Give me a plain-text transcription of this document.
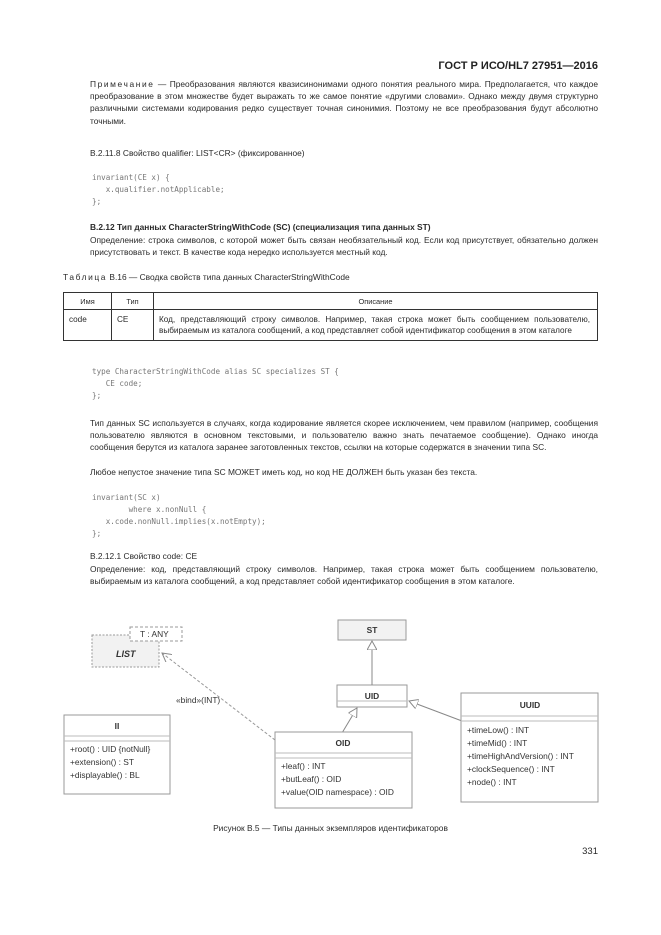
ГОСТ Р ИСО/HL7 27951—2016
Примечание — Преобразования являются квазисинонимами одного понятия реального мира. Предполагается, что каждое преобразование в этом множестве будет выражать то же самое понятие «другими словами». Однако между двумя структурно различными системами кодирования редко существует точная синонимия. Поэтому не все преобразования будут абсолютно точными.
B.2.11.8 Свойство qualifier: LIST<CR> (фиксированное)
invariant(CE x) {
x.qualifier.notApplicable;
};
B.2.12 Тип данных CharacterStringWithCode (SC) (специализация типа данных ST)
Определение: строка символов, с которой может быть связан необязательный код. Если код присутствует, обязательно должен присутствовать и текст. В качестве кода нередко используется местный код.
Таблица B.16 — Сводка свойств типа данных CharacterStringWithCode
Имя	Тип	Описание
code	CE	Код, представляющий строку символов. Например, такая строка может быть сообщением пользователю, выбираемым из каталога сообщений, а код представляет собой идентификатор сообщения в этом каталоге
type CharacterStringWithCode alias SC specializes ST {
CE code;
};
Тип данных SC используется в случаях, когда кодирование является скорее исключением, чем правилом (например, сообщения пользователю являются в основном текстовыми, и пользователю важно знать печатаемое сообщение). Однако иногда сообщения берутся из каталога заранее заготовленных текстов, ссылки на которые содержатся в значении типа SC.
Любое непустое значение типа SC МОЖЕТ иметь код, но код НЕ ДОЛЖЕН быть указан без текста.
invariant(SC x)
where x.nonNull {
x.code.nonNull.implies(x.notEmpty);
};
B.2.12.1 Свойство code: CE
Определение: код, представляющий строку символов. Например, такая строка может быть сообщением пользователю, выбираемым из каталога сообщений, а код представляет собой идентификатор сообщения в этом каталоге.
LIST
T : ANY	ST
UID
«bind»(INT)
II
+root() : UID {notNull}
+extension() : ST
+displayable() : BL
OID
+leaf() : INT
+butLeaf() : OID
+value(OID namespace) : OID
UUID
+timeLow() : INT
+timeMid() : INT
+timeHighAndVersion() : INT
+clockSequence() : INT
+node() : INT
Рисунок B.5 — Типы данных экземпляров идентификаторов
331
